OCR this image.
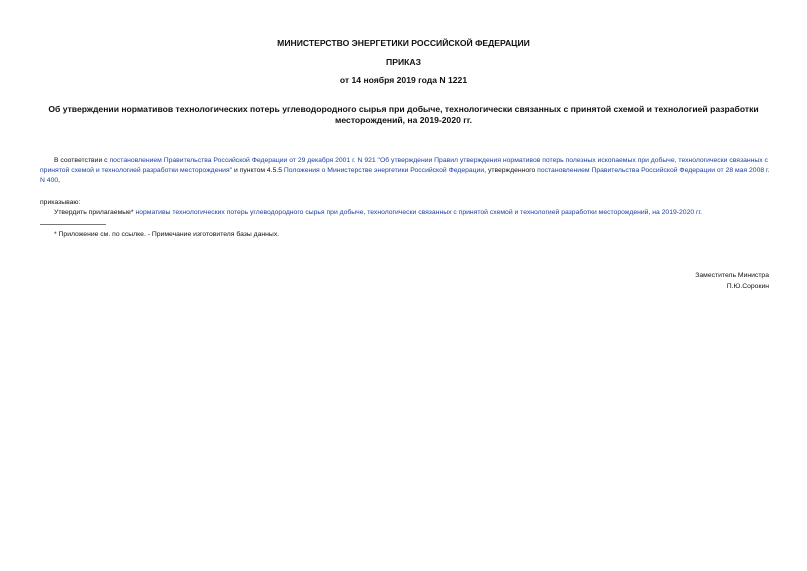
МИНИСТЕРСТВО ЭНЕРГЕТИКИ РОССИЙСКОЙ ФЕДЕРАЦИИ
ПРИКАЗ
от 14 ноября 2019 года N 1221
Об утверждении нормативов технологических потерь углеводородного сырья при добыче, технологически связанных с принятой схемой и технологией разработки месторождений, на 2019-2020 гг.
В соответствии с постановлением Правительства Российской Федерации от 29 декабря 2001 г. N 921 "Об утверждении Правил утверждения нормативов потерь полезных ископаемых при добыче, технологически связанных с принятой схемой и технологией разработки месторождения" и пунктом 4.5.5 Положения о Министерстве энергетики Российской Федерации, утвержденного постановлением Правительства Российской Федерации от 28 мая 2008 г. N 400,
приказываю:
Утвердить прилагаемые* нормативы технологических потерь углеводородного сырья при добыче, технологически связанных с принятой схемой и технологией разработки месторождений, на 2019-2020 гг.
* Приложение см. по ссылке. - Примечание изготовителя базы данных.
Заместитель Министра
П.Ю.Сорокин
